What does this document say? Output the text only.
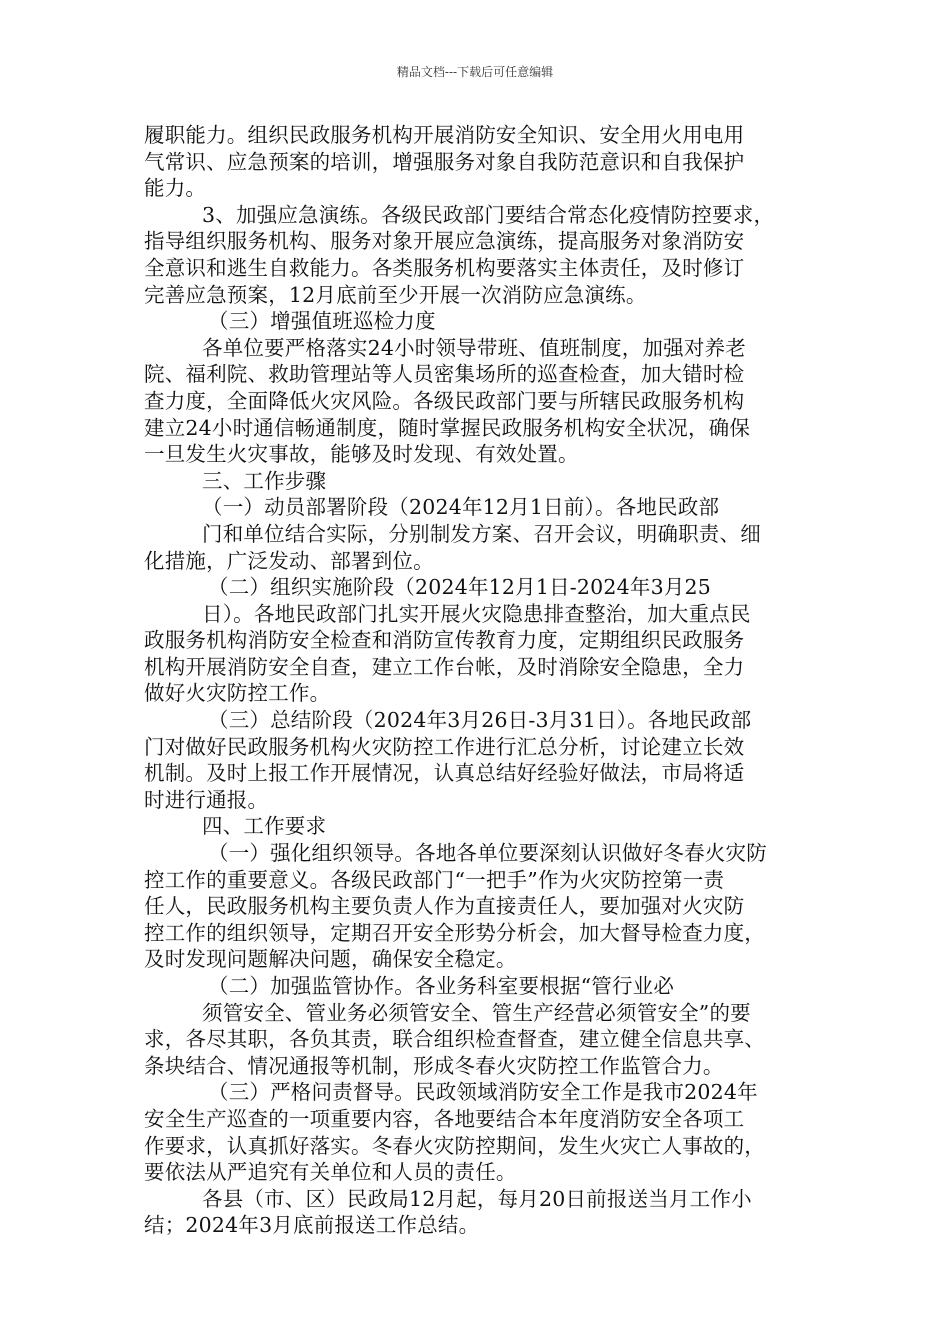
精品文档---下载后可任意编辑
履职能力。组织民政服务机构开展消防安全知识、安全用火用电用
气常识、应急预案的培训，增强服务对象自我防范意识和自我保护
能力。
3、加强应急演练。各级民政部门要结合常态化疫情防控要求，
指导组织服务机构、服务对象开展应急演练，提高服务对象消防安
全意识和逃生自救能力。各类服务机构要落实主体责任，及时修订
完善应急预案，12月底前至少开展一次消防应急演练。
（三）增强值班巡检力度
各单位要严格落实24小时领导带班、值班制度，加强对养老
院、福利院、救助管理站等人员密集场所的巡查检查，加大错时检
查力度，全面降低火灾风险。各级民政部门要与所辖民政服务机构
建立24小时通信畅通制度，随时掌握民政服务机构安全状况，确保
一旦发生火灾事故，能够及时发现、有效处置。
三、工作步骤
（一）动员部署阶段（2024年12月1日前）。各地民政部
门和单位结合实际，分别制发方案、召开会议，明确职责、细
化措施，广泛发动、部署到位。
（二）组织实施阶段（2024年12月1日-2024年3月25
日）。各地民政部门扎实开展火灾隐患排查整治，加大重点民
政服务机构消防安全检查和消防宣传教育力度，定期组织民政服务
机构开展消防安全自查，建立工作台帐，及时消除安全隐患，全力
做好火灾防控工作。
（三）总结阶段（2024年3月26日-3月31日）。各地民政部
门对做好民政服务机构火灾防控工作进行汇总分析，讨论建立长效
机制。及时上报工作开展情况，认真总结好经验好做法，市局将适
时进行通报。
四、工作要求
（一）强化组织领导。各地各单位要深刻认识做好冬春火灾防
控工作的重要意义。各级民政部门“一把手”作为火灾防控第一责
任人，民政服务机构主要负责人作为直接责任人，要加强对火灾防
控工作的组织领导，定期召开安全形势分析会，加大督导检查力度，
及时发现问题解决问题，确保安全稳定。
（二）加强监管协作。各业务科室要根据“管行业必
须管安全、管业务必须管安全、管生产经营必须管安全”的要
求，各尽其职，各负其责，联合组织检查督查，建立健全信息共享、
条块结合、情况通报等机制，形成冬春火灾防控工作监管合力。
（三）严格问责督导。民政领域消防安全工作是我市2024年
安全生产巡查的一项重要内容，各地要结合本年度消防安全各项工
作要求，认真抓好落实。冬春火灾防控期间，发生火灾亡人事故的，
要依法从严追究有关单位和人员的责任。
各县（市、区）民政局12月起，每月20日前报送当月工作小
结；2024年3月底前报送工作总结。
